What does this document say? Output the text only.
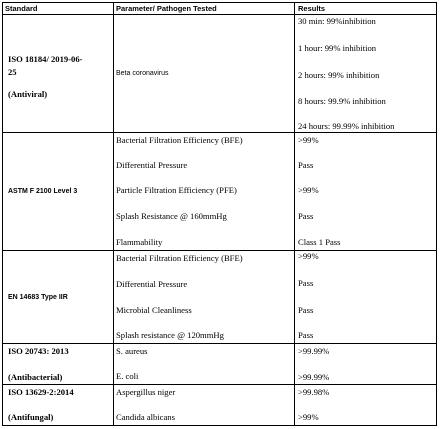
Standard	Parameter/ Pathogen Tested	Results
ISO 18184/ 2019-06-
25
(Antiviral)
Beta coronavirus
30 min: 99%inhibition
1 hour: 99% inhibition
2 hours: 99% inhibition
8 hours: 99.9% inhibition
24 hours: 99.99% inhibition
ASTM F 2100 Level 3
Bacterial Filtration Efficiency (BFE)
Differential Pressure
Particle Filtration Efficiency (PFE)
Splash Resistance @ 160mmHg
Flammability
>99%
Pass
>99%
Pass
Class 1 Pass
EN 14683 Type IIR
Bacterial Filtration Efficiency (BFE)
Differential Pressure
Microbial Cleanliness
Splash resistance @ 120mmHg
>99%
Pass
Pass
Pass
ISO 20743: 2013
(Antibacterial)
S. aureus
E. coli
>99.99%
>99.99%
ISO 13629-2:2014
(Antifungal)
Aspergillus niger
Candida albicans
>99.98%
>99%
